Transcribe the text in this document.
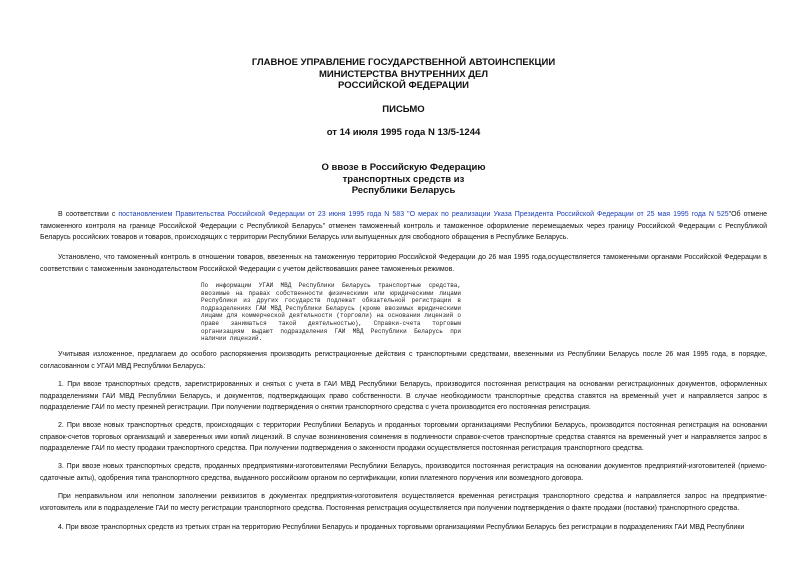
ГЛАВНОЕ УПРАВЛЕНИЕ ГОСУДАРСТВЕННОЙ АВТОИНСПЕКЦИИ
МИНИСТЕРСТВА ВНУТРЕННИХ ДЕЛ
РОССИЙСКОЙ ФЕДЕРАЦИИ
ПИСЬМО
от 14 июля 1995 года N 13/5-1244
О ввозе в Российскую Федерацию
транспортных средств из
Республики Беларусь

В соответствии с постановлением Правительства Российской Федерации от 23 июня 1995 года N 583 "О мерах по реализации Указа Президента Российской Федерации от 25 мая 1995 года N 525"Об отмене таможенного контроля на границе Российской Федерации с Республикой Беларусь" отменен таможенный контроль и таможенное оформление перемещаемых через границу Российской Федерации с Республикой Беларусь российских товаров и товаров, происходящих с территории Республики Беларусь или выпущенных для свободного обращения в Республике Беларусь.

Установлено, что таможенный контроль в отношении товаров, ввезенных на таможенную территорию Российской Федерации до 26 мая 1995 года,осуществляется таможенными органами Российской Федерации в соответствии с таможенным законодательством Российской Федерации с учетом действовавших ранее таможенных режимов.

По информации УГАИ МВД Республики Беларусь транспортные средства, ввозимые на правах собственности физическими или юридическими лицами Республики из других государств подлежат обязательной регистрации в подразделениях ГАИ МВД Республики Беларусь (кроме ввозимых юридическими лицами для коммерческой деятельности (торговли) на основании лицензий о праве заниматься такой деятельностью), Справки-счета торговым организациям выдают подразделения ГАИ МВД Республики Беларусь при наличии лицензий.

Учитывая изложенное, предлагаем до особого распоряжения производить регистрационные действия с транспортными средствами, ввезенными из Республики Беларусь после 26 мая 1995 года, в порядке, согласованном с УГАИ МВД Республики Беларусь:

1. При ввозе транспортных средств, зарегистрированных и снятых с учета в ГАИ МВД Республики Беларусь, производится постоянная регистрация на основании регистрационных документов, оформленных подразделениями ГАИ МВД Республики Беларусь, и документов, подтверждающих право собственности. В случае необходимости транспортные средства ставятся на временный учет и направляется запрос в подразделение ГАИ по месту прежней регистрации. При получении подтверждения о снятии транспортного средства с учета производится его постоянная регистрация.

2. При ввозе новых транспортных средств, происходящих с территории Республики Беларусь и проданных торговыми организациями Республики Беларусь, производится постоянная регистрация на основании справок-счетов торговых организаций и заверенных ими копий лицензий. В случае возникновения сомнения в подлинности справок-счетов транспортные средства ставятся на временный учет и направляется запрос в подразделение ГАИ по месту продажи транспортного средства. При получении подтверждения о законности продажи осуществляется постоянная регистрация транспортного средства.

3. При ввозе новых транспортных средств, проданных предприятиями-изготовителями Республики Беларусь, производится постоянная регистрация на основании документов предприятий-изготовителей (приемо-сдаточные акты), одобрения типа транспортного средства, выданного российским органом по сертификации, копии платежного поручения или возмездного договора.

При неправильном или неполном заполнении реквизитов в документах предприятия-изготовителя осуществляется временная регистрация транспортного средства и направляется запрос на предприятие-изготовитель или в подразделение ГАИ по месту регистрации транспортного средства. Постоянная регистрация осуществляется при получении подтверждения о факте продажи (поставки) транспортного средства.

4. При ввозе транспортных средств из третьих стран на территорию Республики Беларусь и проданных торговыми организациями Республики Беларусь без регистрации в подразделениях ГАИ МВД Республики
